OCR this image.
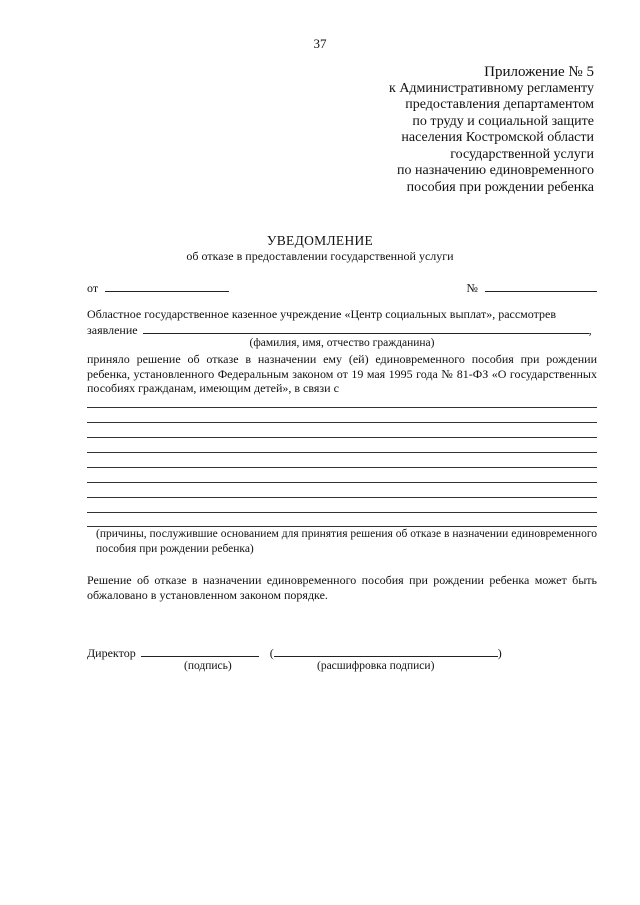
37
Приложение № 5
к Административному регламенту
предоставления департаментом
по труду и социальной защите
населения Костромской области
государственной услуги
по назначению единовременного
пособия при рождении ребенка
УВЕДОМЛЕНИЕ
об отказе в предоставлении государственной услуги
от	№
Областное государственное казенное учреждение «Центр социальных выплат», рассмотрев
заявление	,
(фамилия, имя, отчество гражданина)
приняло решение об отказе в назначении ему (ей) единовременного пособия при рождении ребенка, установленного Федеральным законом от 19 мая 1995 года № 81-ФЗ «О государственных пособиях гражданам, имеющим детей», в связи с
(причины, послужившие основанием для принятия решения об отказе в назначении единовременного пособия при рождении ребенка)
Решение об отказе в назначении единовременного пособия при рождении ребенка может быть обжаловано в установленном законом порядке.
Директор	(	)
(подпись)	(расшифровка подписи)
